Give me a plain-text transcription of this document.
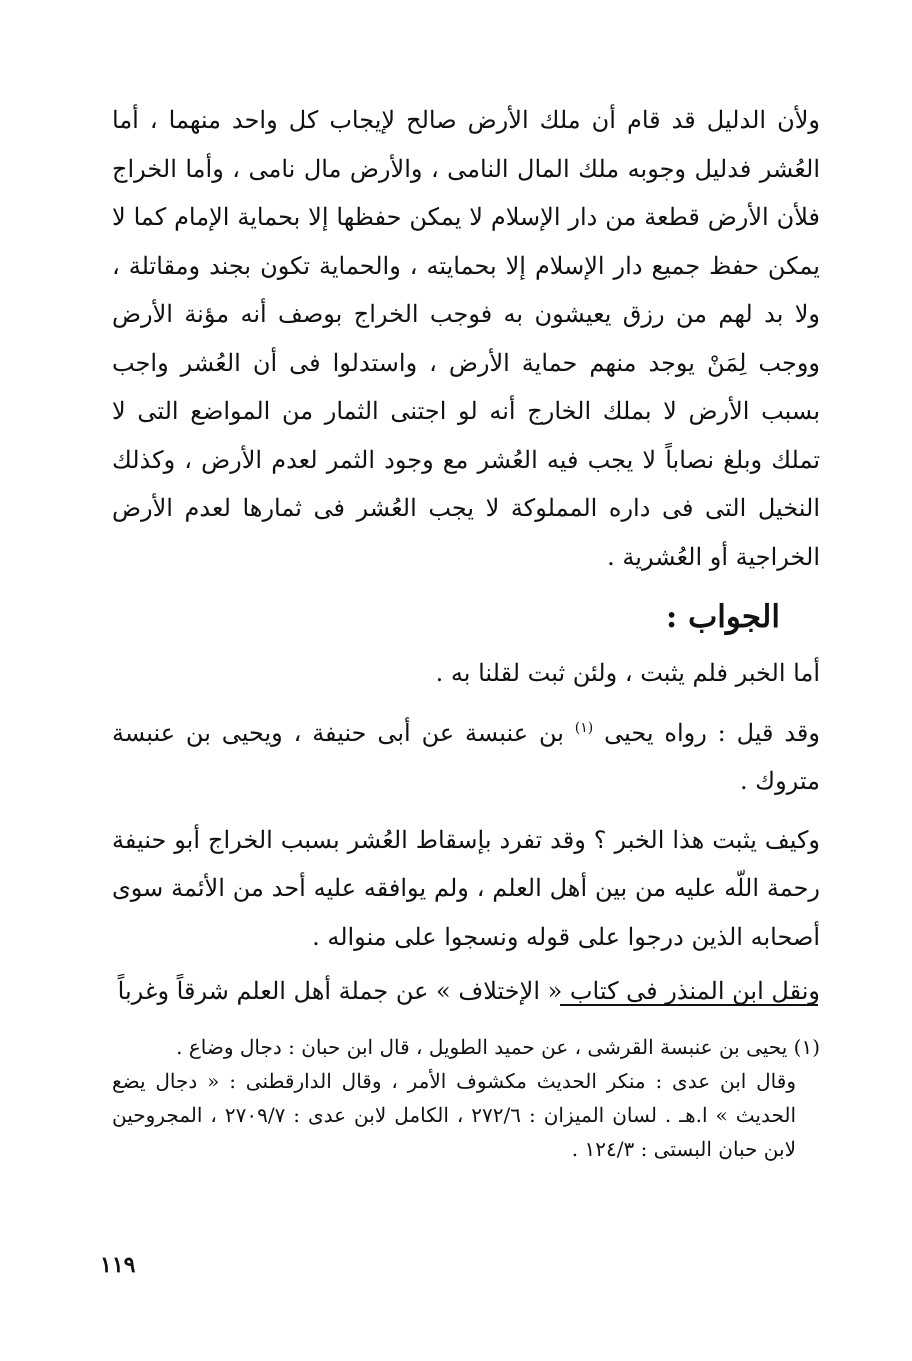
ولأن الدليل قد قام أن ملك الأرض صالح لإيجاب كل واحد منهما ، أما العُشر فدليل وجوبه ملك المال النامى ، والأرض مال نامى ، وأما الخراج فلأن الأرض قطعة من دار الإسلام لا يمكن حفظها إلا بحماية الإمام كما لا يمكن حفظ جميع دار الإسلام إلا بحمايته ، والحماية تكون بجند ومقاتلة ، ولا بد لهم من رزق يعيشون به فوجب الخراج بوصف أنه مؤنة الأرض ووجب لِمَنْ يوجد منهم حماية الأرض ، واستدلوا فى أن العُشر واجب بسبب الأرض لا بملك الخارج أنه لو اجتنى الثمار من المواضع التى لا تملك وبلغ نصاباً لا يجب فيه العُشر مع وجود الثمر لعدم الأرض ، وكذلك النخيل التى فى داره المملوكة لا يجب العُشر فى ثمارها لعدم الأرض الخراجية أو العُشرية .

الجواب :

أما الخبر فلم يثبت ، ولئن ثبت لقلنا به .

وقد قيل : رواه يحيى $^{(١)}$ بن عنبسة عن أبى حنيفة ، ويحيى بن عنبسة متروك .

وكيف يثبت هذا الخبر ؟ وقد تفرد بإسقاط العُشر بسبب الخراج أبو حنيفة رحمة اللّه عليه من بين أهل العلم ، ولم يوافقه عليه أحد من الأئمة سوى أصحابه الذين درجوا على قوله ونسجوا على منواله .

ونقل ابن المنذر فى كتاب « الإختلاف » عن جملة أهل العلم شرقاً وغرباً

(١) يحيى بن عنبسة القرشى ، عن حميد الطويل ، قال ابن حبان : دجال وضاع .

وقال ابن عدى : منكر الحديث مكشوف الأمر ، وقال الدارقطنى : « دجال يضع الحديث » ا.هـ . لسان الميزان : ٢٧٢/٦ ، الكامل لابن عدى : ٢٧٠٩/٧ ، المجروحين لابن حبان البستى : ١٢٤/٣ .

١١٩
